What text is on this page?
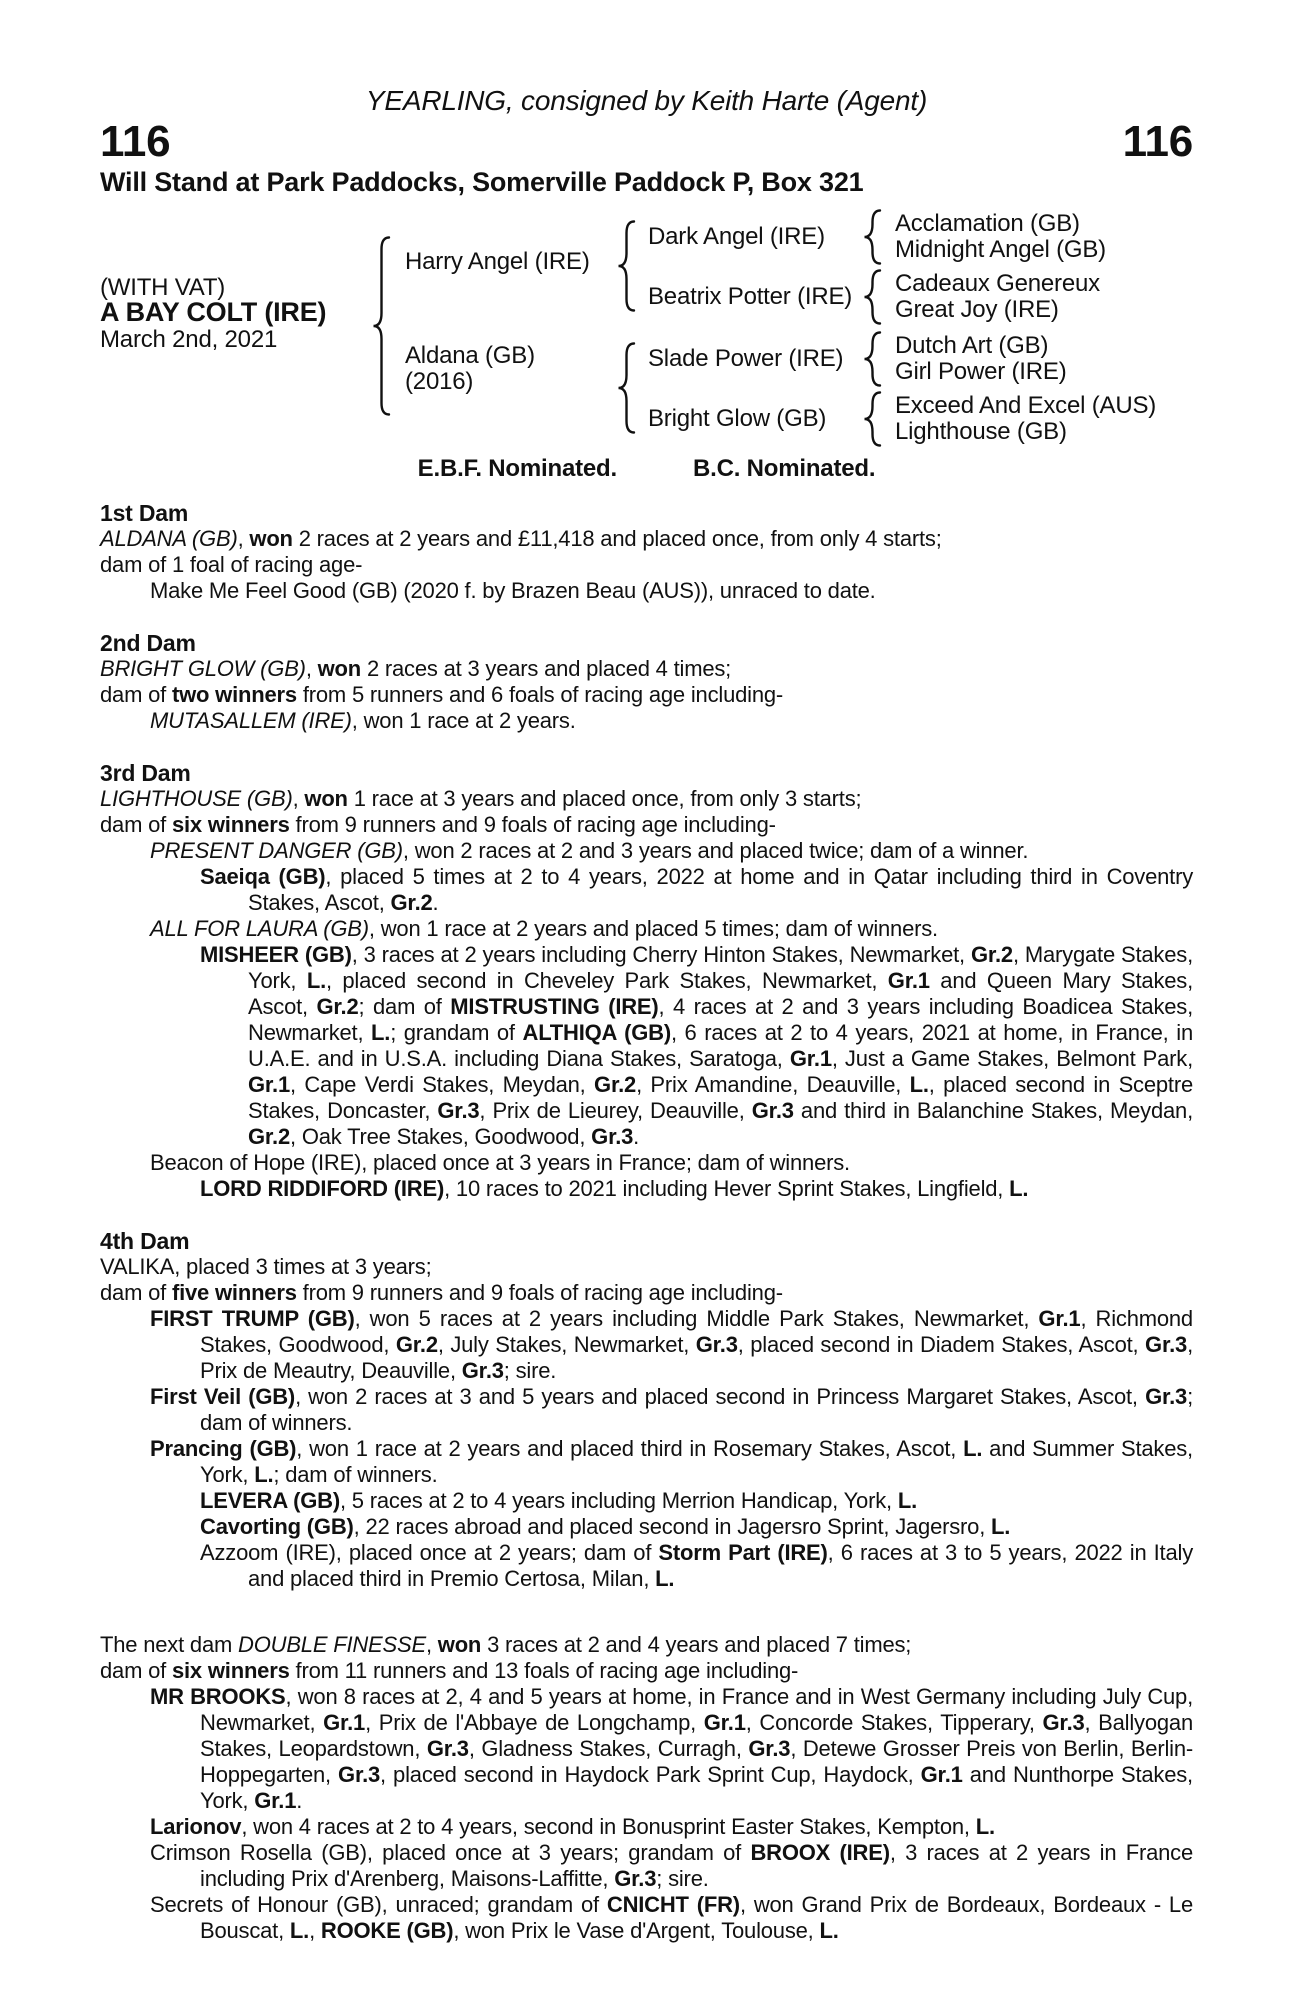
YEARLING, consigned by Keith Harte (Agent)
116	116
Will Stand at Park Paddocks, Somerville Paddock P, Box 321
(WITH VAT)
A BAY COLT (IRE)
March 2nd, 2021
Harry Angel (IRE)
Aldana (GB)
(2016)
Dark Angel (IRE)
Beatrix Potter (IRE)
Slade Power (IRE)
Bright Glow (GB)
Acclamation (GB)
Midnight Angel (GB)
Cadeaux Genereux
Great Joy (IRE)
Dutch Art (GB)
Girl Power (IRE)
Exceed And Excel (AUS)
Lighthouse (GB)
E.B.F. Nominated.	B.C. Nominated.
1st Dam

ALDANA (GB), won 2 races at 2 years and £11,418 and placed once, from only 4 starts;

dam of 1 foal of racing age-

Make Me Feel Good (GB) (2020 f. by Brazen Beau (AUS)), unraced to date.

2nd Dam

BRIGHT GLOW (GB), won 2 races at 3 years and placed 4 times;

dam of two winners from 5 runners and 6 foals of racing age including-

MUTASALLEM (IRE), won 1 race at 2 years.

3rd Dam

LIGHTHOUSE (GB), won 1 race at 3 years and placed once, from only 3 starts;

dam of six winners from 9 runners and 9 foals of racing age including-

PRESENT DANGER (GB), won 2 races at 2 and 3 years and placed twice; dam of a winner.

Saeiqa (GB), placed 5 times at 2 to 4 years, 2022 at home and in Qatar including third in Coventry Stakes, Ascot, Gr.2.

ALL FOR LAURA (GB), won 1 race at 2 years and placed 5 times; dam of winners.

MISHEER (GB), 3 races at 2 years including Cherry Hinton Stakes, Newmarket, Gr.2, Marygate Stakes, York, L., placed second in Cheveley Park Stakes, Newmarket, Gr.1 and Queen Mary Stakes, Ascot, Gr.2; dam of MISTRUSTING (IRE), 4 races at 2 and 3 years including Boadicea Stakes, Newmarket, L.; grandam of ALTHIQA (GB), 6 races at 2 to 4 years, 2021 at home, in France, in U.A.E. and in U.S.A. including Diana Stakes, Saratoga, Gr.1, Just a Game Stakes, Belmont Park, Gr.1, Cape Verdi Stakes, Meydan, Gr.2, Prix Amandine, Deauville, L., placed second in Sceptre Stakes, Doncaster, Gr.3, Prix de Lieurey, Deauville, Gr.3 and third in Balanchine Stakes, Meydan, Gr.2, Oak Tree Stakes, Goodwood, Gr.3.

Beacon of Hope (IRE), placed once at 3 years in France; dam of winners.

LORD RIDDIFORD (IRE), 10 races to 2021 including Hever Sprint Stakes, Lingfield, L.

4th Dam

VALIKA, placed 3 times at 3 years;

dam of five winners from 9 runners and 9 foals of racing age including-

FIRST TRUMP (GB), won 5 races at 2 years including Middle Park Stakes, Newmarket, Gr.1, Richmond Stakes, Goodwood, Gr.2, July Stakes, Newmarket, Gr.3, placed second in Diadem Stakes, Ascot, Gr.3, Prix de Meautry, Deauville, Gr.3; sire.

First Veil (GB), won 2 races at 3 and 5 years and placed second in Princess Margaret Stakes, Ascot, Gr.3; dam of winners.

Prancing (GB), won 1 race at 2 years and placed third in Rosemary Stakes, Ascot, L. and Summer Stakes, York, L.; dam of winners.

LEVERA (GB), 5 races at 2 to 4 years including Merrion Handicap, York, L.

Cavorting (GB), 22 races abroad and placed second in Jagersro Sprint, Jagersro, L.

Azzoom (IRE), placed once at 2 years; dam of Storm Part (IRE), 6 races at 3 to 5 years, 2022 in Italy and placed third in Premio Certosa, Milan, L.

The next dam DOUBLE FINESSE, won 3 races at 2 and 4 years and placed 7 times;

dam of six winners from 11 runners and 13 foals of racing age including-

MR BROOKS, won 8 races at 2, 4 and 5 years at home, in France and in West Germany including July Cup, Newmarket, Gr.1, Prix de l'Abbaye de Longchamp, Gr.1, Concorde Stakes, Tipperary, Gr.3, Ballyogan Stakes, Leopardstown, Gr.3, Gladness Stakes, Curragh, Gr.3, Detewe Grosser Preis von Berlin, Berlin-Hoppegarten, Gr.3, placed second in Haydock Park Sprint Cup, Haydock, Gr.1 and Nunthorpe Stakes, York, Gr.1.

Larionov, won 4 races at 2 to 4 years, second in Bonusprint Easter Stakes, Kempton, L.

Crimson Rosella (GB), placed once at 3 years; grandam of BROOX (IRE), 3 races at 2 years in France including Prix d'Arenberg, Maisons-Laffitte, Gr.3; sire.

Secrets of Honour (GB), unraced; grandam of CNICHT (FR), won Grand Prix de Bordeaux, Bordeaux - Le Bouscat, L., ROOKE (GB), won Prix le Vase d'Argent, Toulouse, L.
